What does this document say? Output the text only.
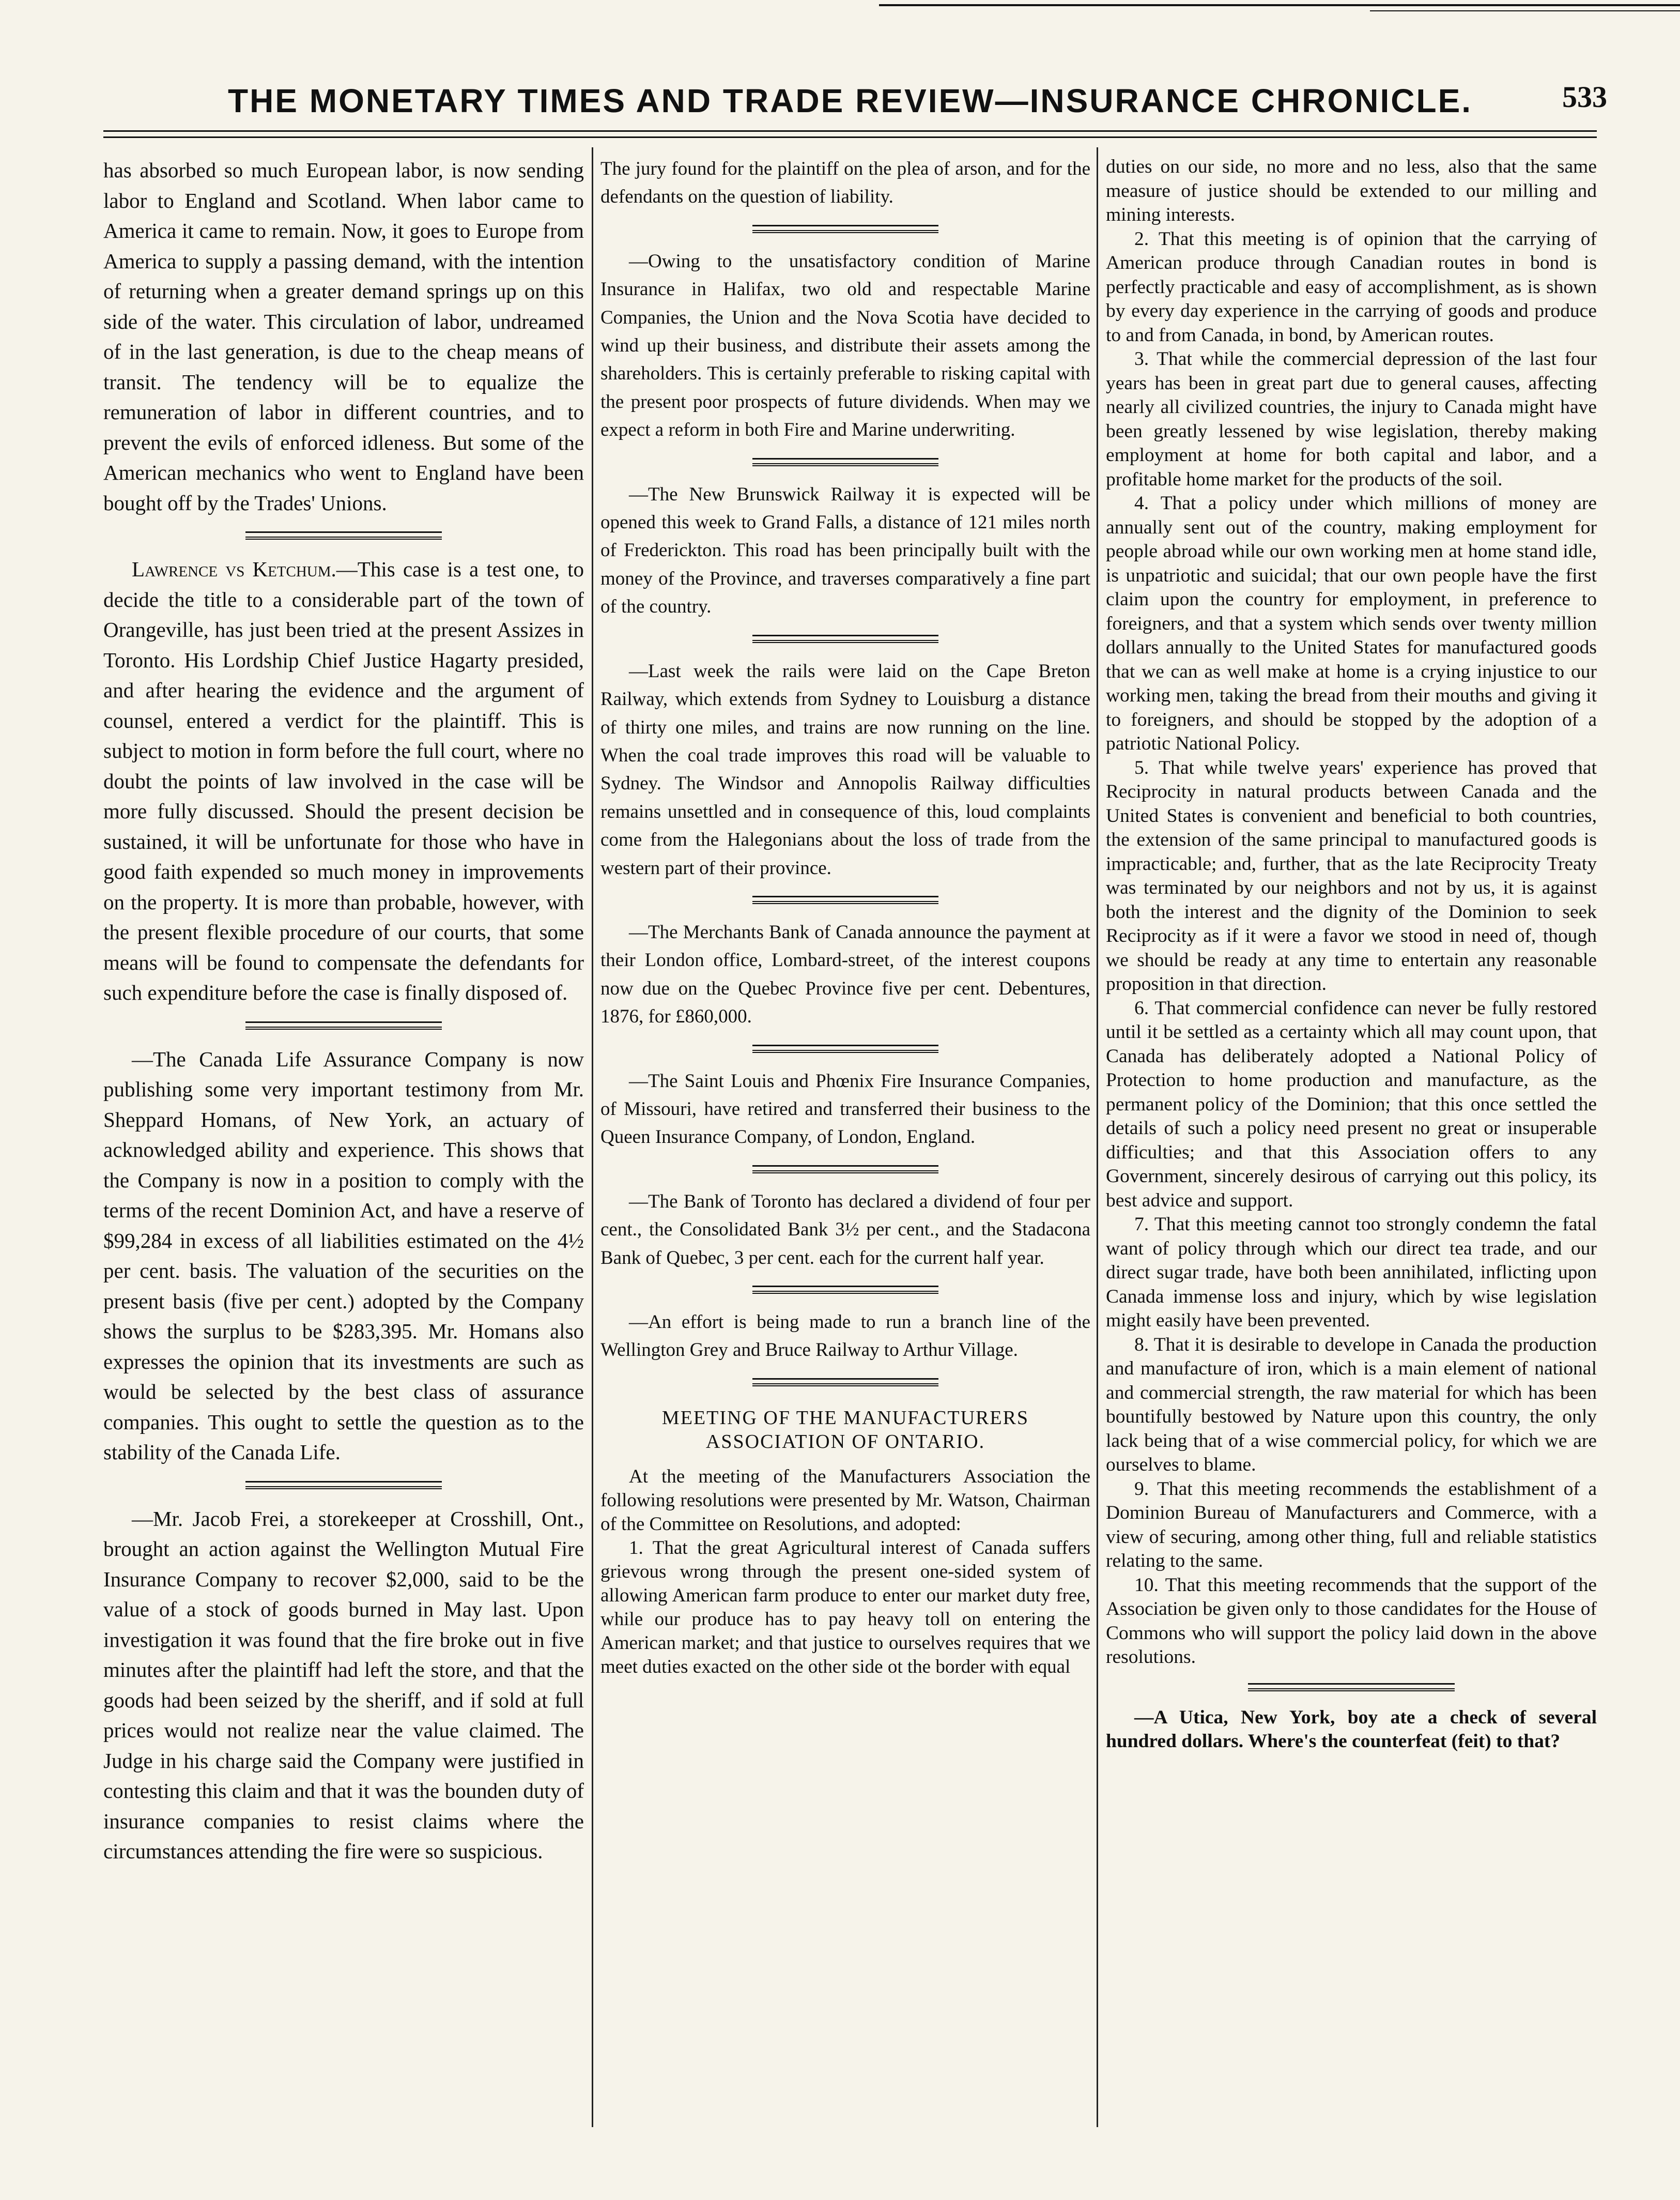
THE MONETARY TIMES AND TRADE REVIEW—INSURANCE CHRONICLE.	533

has absorbed so much European labor, is now sending labor to England and Scotland. When labor came to America it came to remain. Now, it goes to Europe from America to supply a passing demand, with the intention of returning when a greater demand springs up on this side of the water. This circulation of labor, undreamed of in the last generation, is due to the cheap means of transit. The tendency will be to equalize the remuneration of labor in different countries, and to prevent the evils of enforced idleness. But some of the American mechanics who went to England have been bought off by the Trades' Unions.

Lawrence vs Ketchum.—This case is a test one, to decide the title to a considerable part of the town of Orangeville, has just been tried at the present Assizes in Toronto. His Lordship Chief Justice Hagarty presided, and after hearing the evidence and the argument of counsel, entered a verdict for the plaintiff. This is subject to motion in form before the full court, where no doubt the points of law involved in the case will be more fully discussed. Should the present decision be sustained, it will be unfortunate for those who have in good faith expended so much money in improvements on the property. It is more than probable, however, with the present flexible procedure of our courts, that some means will be found to compensate the defendants for such expenditure before the case is finally disposed of.

—The Canada Life Assurance Company is now publishing some very important testimony from Mr. Sheppard Homans, of New York, an actuary of acknowledged ability and experience. This shows that the Company is now in a position to comply with the terms of the recent Dominion Act, and have a reserve of $99,284 in excess of all liabilities estimated on the 4½ per cent. basis. The valuation of the securities on the present basis (five per cent.) adopted by the Company shows the surplus to be $283,395. Mr. Homans also expresses the opinion that its investments are such as would be selected by the best class of assurance companies. This ought to settle the question as to the stability of the Canada Life.

—Mr. Jacob Frei, a storekeeper at Crosshill, Ont., brought an action against the Wellington Mutual Fire Insurance Company to recover $2,000, said to be the value of a stock of goods burned in May last. Upon investigation it was found that the fire broke out in five minutes after the plaintiff had left the store, and that the goods had been seized by the sheriff, and if sold at full prices would not realize near the value claimed. The Judge in his charge said the Company were justified in contesting this claim and that it was the bounden duty of insurance companies to resist claims where the circumstances attending the fire were so suspicious.

The jury found for the plaintiff on the plea of arson, and for the defendants on the question of liability.

—Owing to the unsatisfactory condition of Marine Insurance in Halifax, two old and respectable Marine Companies, the Union and the Nova Scotia have decided to wind up their business, and distribute their assets among the shareholders. This is certainly preferable to risking capital with the present poor prospects of future dividends. When may we expect a reform in both Fire and Marine underwriting.

—The New Brunswick Railway it is expected will be opened this week to Grand Falls, a distance of 121 miles north of Frederickton. This road has been principally built with the money of the Province, and traverses comparatively a fine part of the country.

—Last week the rails were laid on the Cape Breton Railway, which extends from Sydney to Louisburg a distance of thirty one miles, and trains are now running on the line. When the coal trade improves this road will be valuable to Sydney. The Windsor and Annopolis Railway difficulties remains unsettled and in consequence of this, loud complaints come from the Halegonians about the loss of trade from the western part of their province.

—The Merchants Bank of Canada announce the payment at their London office, Lombard-street, of the interest coupons now due on the Quebec Province five per cent. Debentures, 1876, for £860,000.

—The Saint Louis and Phœnix Fire Insurance Companies, of Missouri, have retired and transferred their business to the Queen Insurance Company, of London, England.

—The Bank of Toronto has declared a dividend of four per cent., the Consolidated Bank 3½ per cent., and the Stadacona Bank of Quebec, 3 per cent. each for the current half year.

—An effort is being made to run a branch line of the Wellington Grey and Bruce Railway to Arthur Village.

MEETING OF THE MANUFACTURERS
ASSOCIATION OF ONTARIO.

At the meeting of the Manufacturers Association the following resolutions were presented by Mr. Watson, Chairman of the Committee on Resolutions, and adopted:

1. That the great Agricultural interest of Canada suffers grievous wrong through the present one-sided system of allowing American farm produce to enter our market duty free, while our produce has to pay heavy toll on entering the American market; and that justice to ourselves requires that we meet duties exacted on the other side ot the border with equal

duties on our side, no more and no less, also that the same measure of justice should be extended to our milling and mining interests.

2. That this meeting is of opinion that the carrying of American produce through Canadian routes in bond is perfectly practicable and easy of accomplishment, as is shown by every day experience in the carrying of goods and produce to and from Canada, in bond, by American routes.

3. That while the commercial depression of the last four years has been in great part due to general causes, affecting nearly all civilized countries, the injury to Canada might have been greatly lessened by wise legislation, thereby making employment at home for both capital and labor, and a profitable home market for the products of the soil.

4. That a policy under which millions of money are annually sent out of the country, making employment for people abroad while our own working men at home stand idle, is unpatriotic and suicidal; that our own people have the first claim upon the country for employment, in preference to foreigners, and that a system which sends over twenty million dollars annually to the United States for manufactured goods that we can as well make at home is a crying injustice to our working men, taking the bread from their mouths and giving it to foreigners, and should be stopped by the adoption of a patriotic National Policy.

5. That while twelve years' experience has proved that Reciprocity in natural products between Canada and the United States is convenient and beneficial to both countries, the extension of the same principal to manufactured goods is impracticable; and, further, that as the late Reciprocity Treaty was terminated by our neighbors and not by us, it is against both the interest and the dignity of the Dominion to seek Reciprocity as if it were a favor we stood in need of, though we should be ready at any time to entertain any reasonable proposition in that direction.

6. That commercial confidence can never be fully restored until it be settled as a certainty which all may count upon, that Canada has deliberately adopted a National Policy of Protection to home production and manufacture, as the permanent policy of the Dominion; that this once settled the details of such a policy need present no great or insuperable difficulties; and that this Association offers to any Government, sincerely desirous of carrying out this policy, its best advice and support.

7. That this meeting cannot too strongly condemn the fatal want of policy through which our direct tea trade, and our direct sugar trade, have both been annihilated, inflicting upon Canada immense loss and injury, which by wise legislation might easily have been prevented.

8. That it is desirable to develope in Canada the production and manufacture of iron, which is a main element of national and commercial strength, the raw material for which has been bountifully bestowed by Nature upon this country, the only lack being that of a wise commercial policy, for which we are ourselves to blame.

9. That this meeting recommends the establishment of a Dominion Bureau of Manufacturers and Commerce, with a view of securing, among other thing, full and reliable statistics relating to the same.

10. That this meeting recommends that the support of the Association be given only to those candidates for the House of Commons who will support the policy laid down in the above resolutions.

—A Utica, New York, boy ate a check of several hundred dollars. Where's the counterfeat (feit) to that?
